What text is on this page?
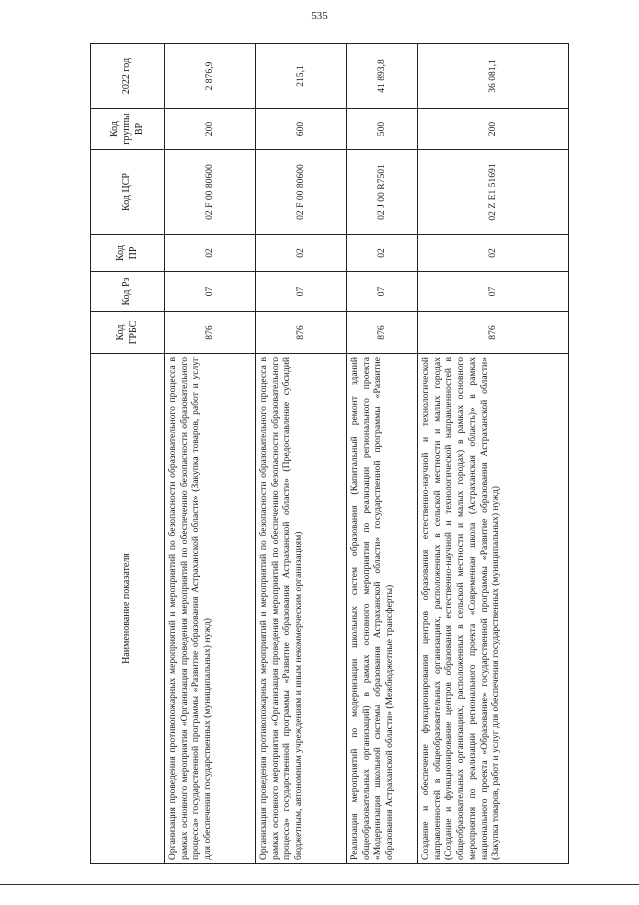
535
Наименование показателя	Код ГРБС	Код Рз	Код ПР	Код ЦСР	Код группы ВР	2022 год
Организация проведения противопожарных мероприятий и мероприятий по безопасности образовательного процесса в рамках основного мероприятия «Организация проведения мероприятий по обеспечению безопасности образовательного процесса» государственной программы «Развитие образования Астраханской области» (Закупка товаров, работ и услуг для обеспечения государственных (муниципальных) нужд)	876	07	02	02 F 00 80600	200	2 876,9
Организация проведения противопожарных мероприятий и мероприятий по безопасности образовательного процесса в рамках основного мероприятия «Организация проведения мероприятий по обеспечению безопасности образовательного процесса» государственной программы «Развитие образования Астраханской области» (Предоставление субсидий бюджетным, автономным учреждениям и иным некоммерческим организациям)	876	07	02	02 F 00 80600	600	215,1
Реализация мероприятий по модернизации школьных систем образования (Капитальный ремонт зданий общеобразовательных организаций) в рамках основного мероприятия по реализации регионального проекта «Модернизация школьной системы образования Астраханской области» государственной программы «Развитие образования Астраханской области» (Межбюджетные трансферты)	876	07	02	02 J 00 R7501	500	41 893,8
Создание и обеспечение функционирования центров образования естественно-научной и технологической направленностей в общеобразовательных организациях, расположенных в сельской местности и малых городах (Создание и функционирование центров образования естественно-научной и технологической направленностей в общеобразовательных организациях, расположенных в сельской местности и малых городах) в рамках основного мероприятия по реализации регионального проекта «Современная школа (Астраханская область)» в рамках национального проекта «Образование» государственной программы «Развитие образования Астраханской области» (Закупка товаров, работ и услуг для обеспечения государственных (муниципальных) нужд)	876	07	02	02 Z E1 51691	200	36 081,1
